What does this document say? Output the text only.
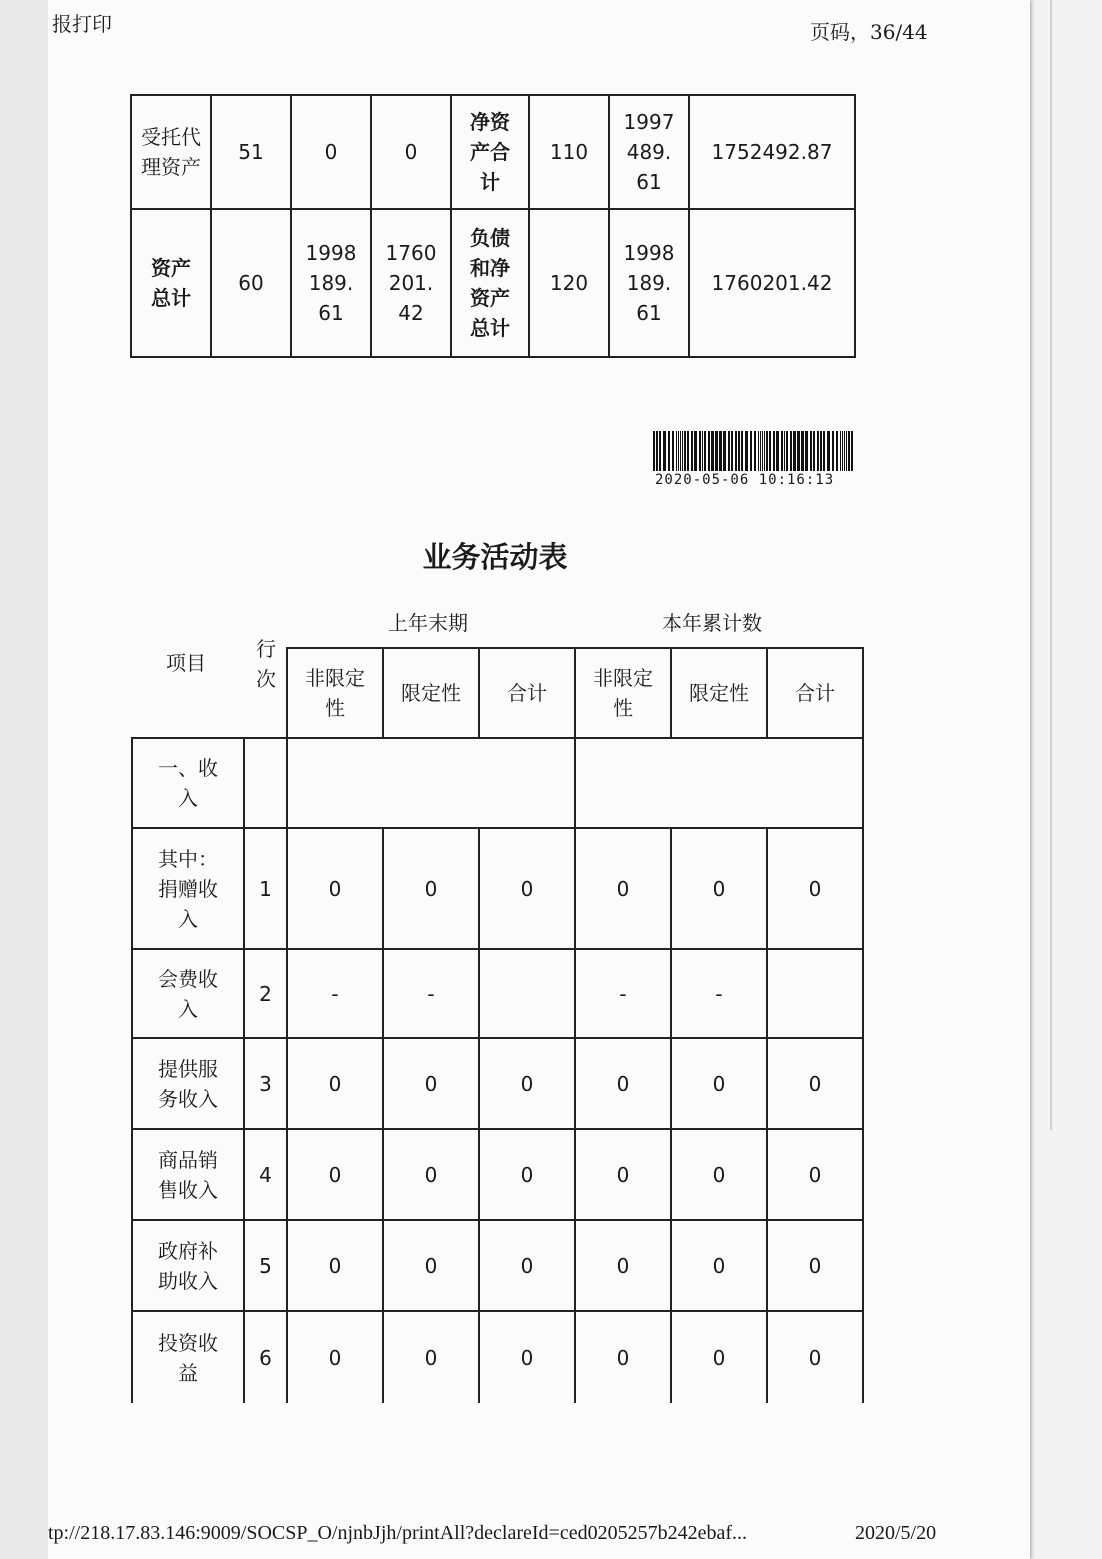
报打印	页码，36/44
受托代理资产	51	0	0	净资产合计	110	1997489.61	1752492.87

资产总计	60	1998189.61	1760201.42	负债和净资产总计	120	1998189.61	1760201.42
2020-05-06 10:16:13
业务活动表
上年末期	本年累计数
项目
行次

		非限定性	限定性	合计	非限定性	限定性	合计

一、收入							

其中：捐赠收入	1	0	0	0	0	0	0

会费收入	2	-	-		-	-	

提供服务收入	3	0	0	0	0	0	0

商品销售收入	4	0	0	0	0	0	0

政府补助收入	5	0	0	0	0	0	0

投资收益	6	0	0	0	0	0	0
tp://218.17.83.146:9009/SOCSP_O/njnbJjh/printAll?declareId=ced0205257b242ebaf...	2020/5/20
